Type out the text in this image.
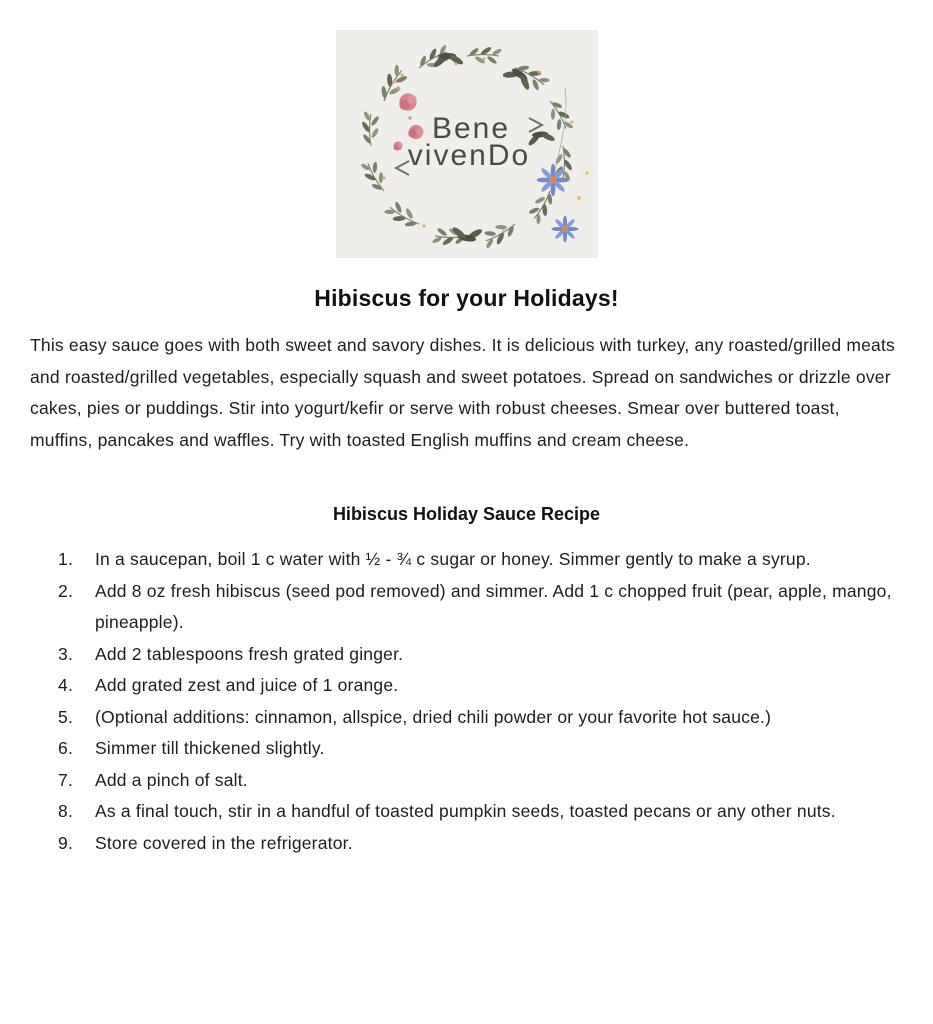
Bene
vivenDo
Hibiscus for your Holidays!

This easy sauce goes with both sweet and savory dishes. It is delicious with turkey, any roasted/grilled meats and roasted/grilled vegetables, especially squash and sweet potatoes. Spread on sandwiches or drizzle over cakes, pies or puddings. Stir into yogurt/kefir or serve with robust cheeses. Smear over buttered toast, muffins, pancakes and waffles. Try with toasted English muffins and cream cheese.

Hibiscus Holiday Sauce Recipe
In a saucepan, boil 1 c water with ½ - ¾ c sugar or honey. Simmer gently to make a syrup.
Add 8 oz fresh hibiscus (seed pod removed) and simmer. Add 1 c chopped fruit (pear, apple, mango, pineapple).
Add 2 tablespoons fresh grated ginger.
Add grated zest and juice of 1 orange.
(Optional additions: cinnamon, allspice, dried chili powder or your favorite hot sauce.)
Simmer till thickened slightly.
Add a pinch of salt.
As a final touch, stir in a handful of toasted pumpkin seeds, toasted pecans or any other nuts.
Store covered in the refrigerator.
